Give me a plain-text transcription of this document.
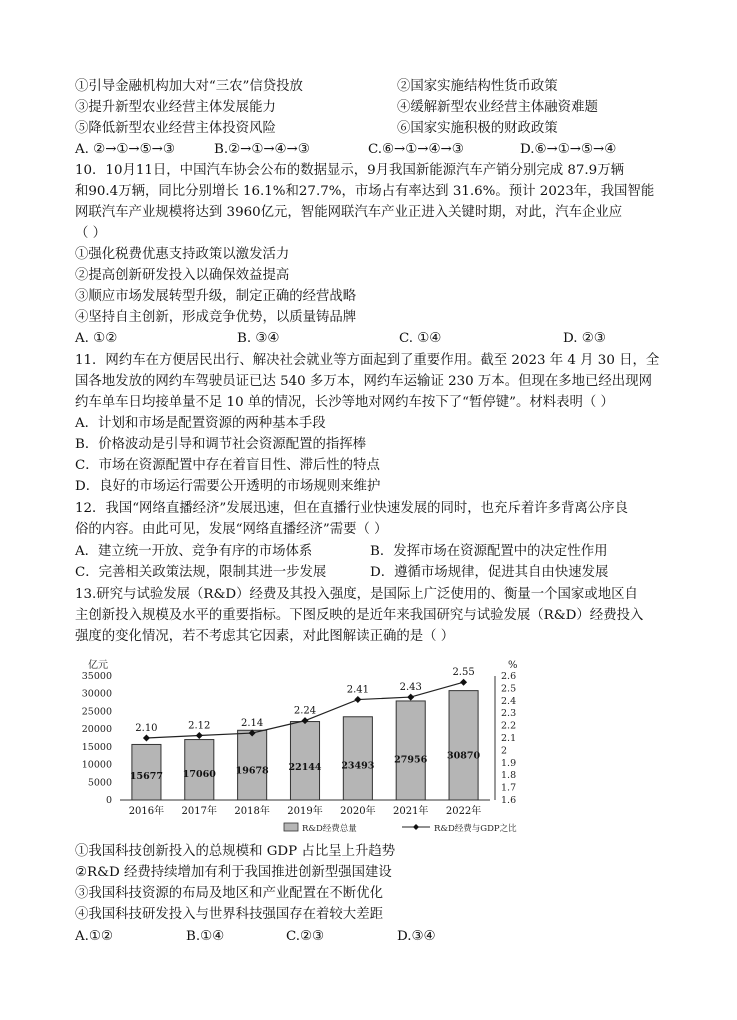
①引导金融机构加大对“三农”信贷投放	②国家实施结构性货币政策
③提升新型农业经营主体发展能力	④缓解新型农业经营主体融资难题
⑤降低新型农业经营主体投资风险	⑥国家实施积极的财政政策
A. ②→①→⑤→③	B.②→①→④→③	C.⑥→①→④→③	D.⑥→①→⑤→④
10．10月11日，中国汽车协会公布的数据显示，9月我国新能源汽车产销分别完成 87.9万辆
和90.4万辆，同比分别增长 16.1%和27.7%，市场占有率达到 31.6%。预计 2023年，我国智能
网联汽车产业规模将达到 3960亿元，智能网联汽车产业正进入关键时期，对此，汽车企业应
（ ）
①强化税费优惠支持政策以激发活力
②提高创新研发投入以确保效益提高
③顺应市场发展转型升级，制定正确的经营战略
④坚持自主创新，形成竞争优势，以质量铸品牌
A. ①②	B. ③④	C. ①④	D. ②③
11．网约车在方便居民出行、解决社会就业等方面起到了重要作用。截至 2023 年 4 月 30 日，全
国各地发放的网约车驾驶员证已达 540 多万本，网约车运输证 230 万本。但现在多地已经出现网
约车单车日均接单量不足 10 单的情况，长沙等地对网约车按下了“暂停键”。材料表明（ ）
A．计划和市场是配置资源的两种基本手段
B．价格波动是引导和调节社会资源配置的指挥棒
C．市场在资源配置中存在着盲目性、滞后性的特点
D．良好的市场运行需要公开透明的市场规则来维护
12．我国“网络直播经济”发展迅速，但在直播行业快速发展的同时，也充斥着许多背离公序良
俗的内容。由此可见，发展“网络直播经济”需要（ ）
A．建立统一开放、竞争有序的市场体系	B．发挥市场在资源配置中的决定性作用
C．完善相关政策法规，限制其进一步发展	D．遵循市场规律，促进其自由快速发展
13.研究与试验发展（R&D）经费及其投入强度，是国际上广泛使用的、衡量一个国家或地区自
主创新投入规模及水平的重要指标。下图反映的是近年来我国研究与试验发展（R&D）经费投入
强度的变化情况，若不考虑其它因素，对此图解读正确的是（ ）
亿元	%
0
5000
10000
15000
20000
25000
30000
35000
1.6
1.7
1.8
1.9
2
2.1
2.2
2.3
2.4
2.5
2.6
15677
2016年
17060
2017年
19678
2018年
22144
2019年
23493
2020年
27956
2021年
30870
2022年
2.10	2.12	2.14
2.24
2.41	2.43
2.55
R&D经费总量	R&D经费与GDP之比
①我国科技创新投入的总规模和 GDP 占比呈上升趋势
②R&D 经费持续增加有利于我国推进创新型强国建设
③我国科技资源的布局及地区和产业配置在不断优化
④我国科技研发投入与世界科技强国存在着较大差距
A.①②	B.①④	C.②③	D.③④
